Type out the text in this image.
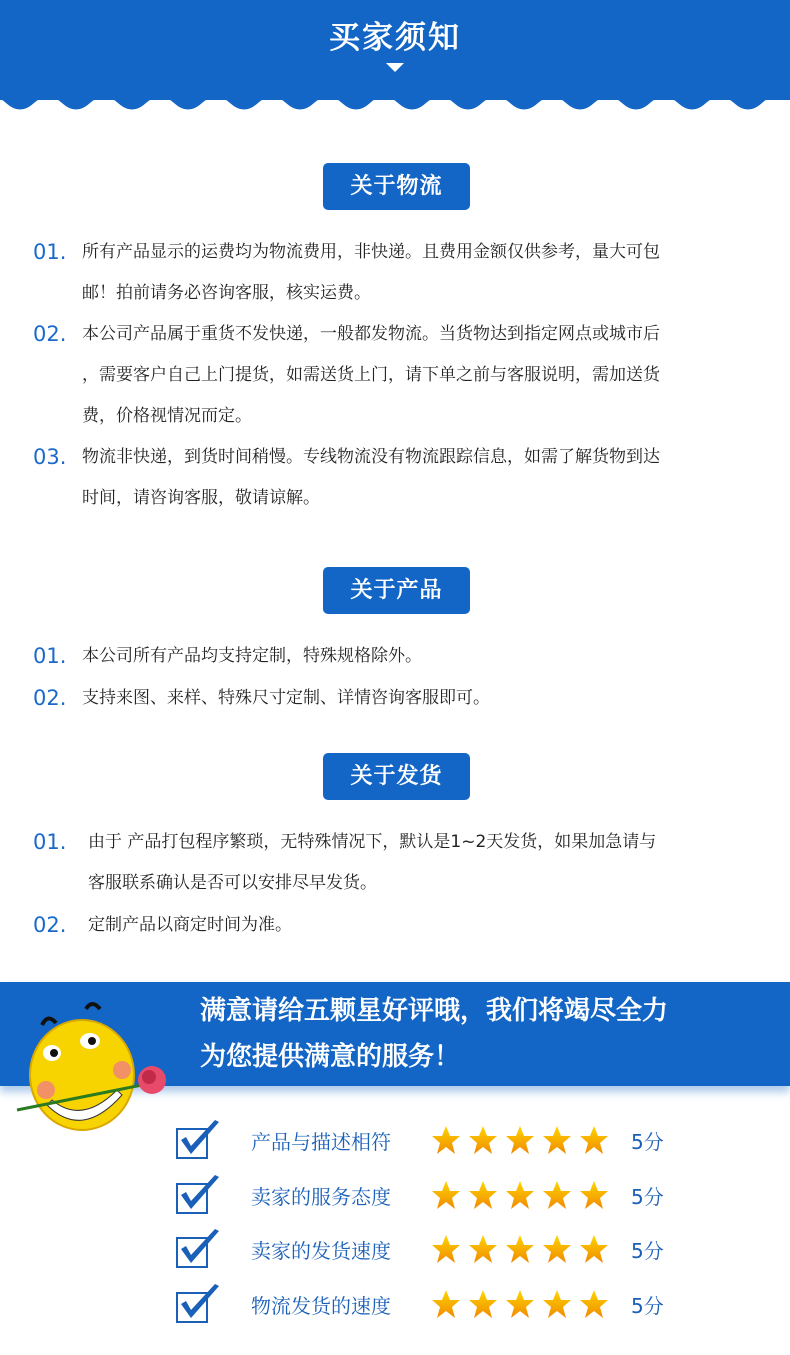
买家须知
关于物流
01. 所有产品显示的运费均为物流费用，非快递。且费用金额仅供参考，量大可包
邮！拍前请务必咨询客服，核实运费。
02. 本公司产品属于重货不发快递，一般都发物流。当货物达到指定网点或城市后
，需要客户自己上门提货，如需送货上门，请下单之前与客服说明，需加送货
费，价格视情况而定。
03. 物流非快递，到货时间稍慢。专线物流没有物流跟踪信息，如需了解货物到达
时间，请咨询客服，敬请谅解。
关于产品
01. 本公司所有产品均支持定制，特殊规格除外。
02. 支持来图、来样、特殊尺寸定制、详情咨询客服即可。
关于发货
01.	由于 产品打包程序繁琐，无特殊情况下，默认是1~2天发货，如果加急请与
客服联系确认是否可以安排尽早发货。
02.	定制产品以商定时间为准。
满意请给五颗星好评哦，我们将竭尽全力
为您提供满意的服务！
产品与描述相符	5分
卖家的服务态度	5分
卖家的发货速度	5分
物流发货的速度	5分
